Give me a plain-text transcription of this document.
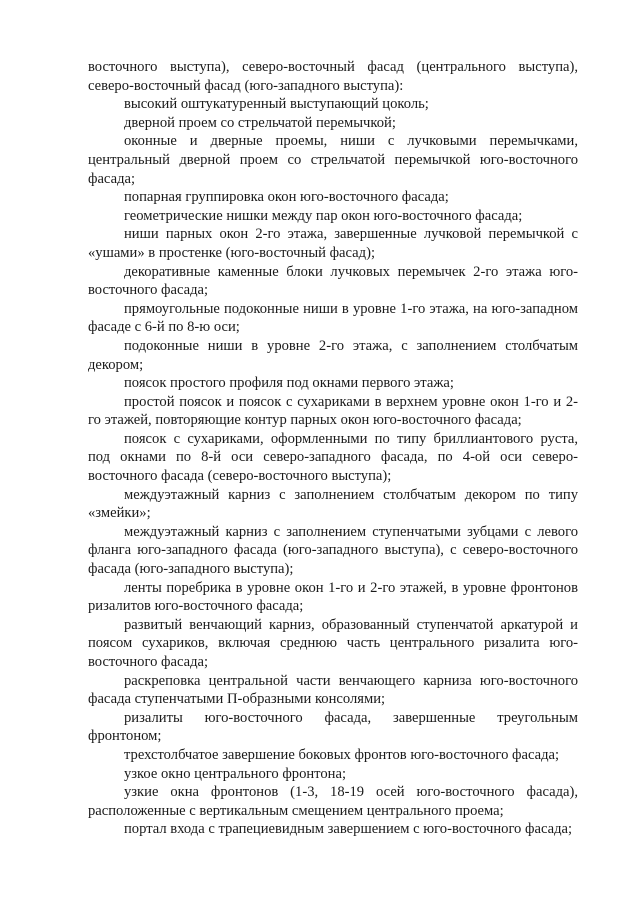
восточного выступа), северо-восточный фасад (центрального выступа), северо-восточный фасад (юго-западного выступа):

высокий оштукатуренный выступающий цоколь;

дверной проем со стрельчатой перемычкой;

оконные и дверные проемы, ниши с лучковыми перемычками, центральный дверной проем со стрельчатой перемычкой юго-восточного фасада;

попарная группировка окон юго-восточного фасада;

геометрические нишки между пар окон юго-восточного фасада;

ниши парных окон 2-го этажа, завершенные лучковой перемычкой с «ушами» в простенке (юго-восточный фасад);

декоративные каменные блоки лучковых перемычек 2-го этажа юго-восточного фасада;

прямоугольные подоконные ниши в уровне 1-го этажа, на юго-западном фасаде с 6-й по 8-ю оси;

подоконные ниши в уровне 2-го этажа, с заполнением столбчатым декором;

поясок простого профиля под окнами первого этажа;

простой поясок и поясок с сухариками в верхнем уровне окон 1-го и 2-го этажей, повторяющие контур парных окон юго-восточного фасада;

поясок с сухариками, оформленными по типу бриллиантового руста, под окнами по 8-й оси северо-западного фасада, по 4-ой оси северо-восточного фасада (северо-восточного выступа);

междуэтажный карниз с заполнением столбчатым декором по типу «змейки»;

междуэтажный карниз с заполнением ступенчатыми зубцами с левого фланга юго-западного фасада (юго-западного выступа), с северо-восточного фасада (юго-западного выступа);

ленты поребрика в уровне окон 1-го и 2-го этажей, в уровне фронтонов ризалитов юго-восточного фасада;

развитый венчающий карниз, образованный ступенчатой аркатурой и поясом сухариков, включая среднюю часть центрального ризалита юго-восточного фасада;

раскреповка центральной части венчающего карниза юго-восточного фасада ступенчатыми П-образными консолями;

ризалиты юго-восточного фасада, завершенные треугольным фронтоном;

трехстолбчатое завершение боковых фронтов юго-восточного фасада;

узкое окно центрального фронтона;

узкие окна фронтонов (1-3, 18-19 осей юго-восточного фасада), расположенные с вертикальным смещением центрального проема;

портал входа с трапециевидным завершением с юго-восточного фасада;
